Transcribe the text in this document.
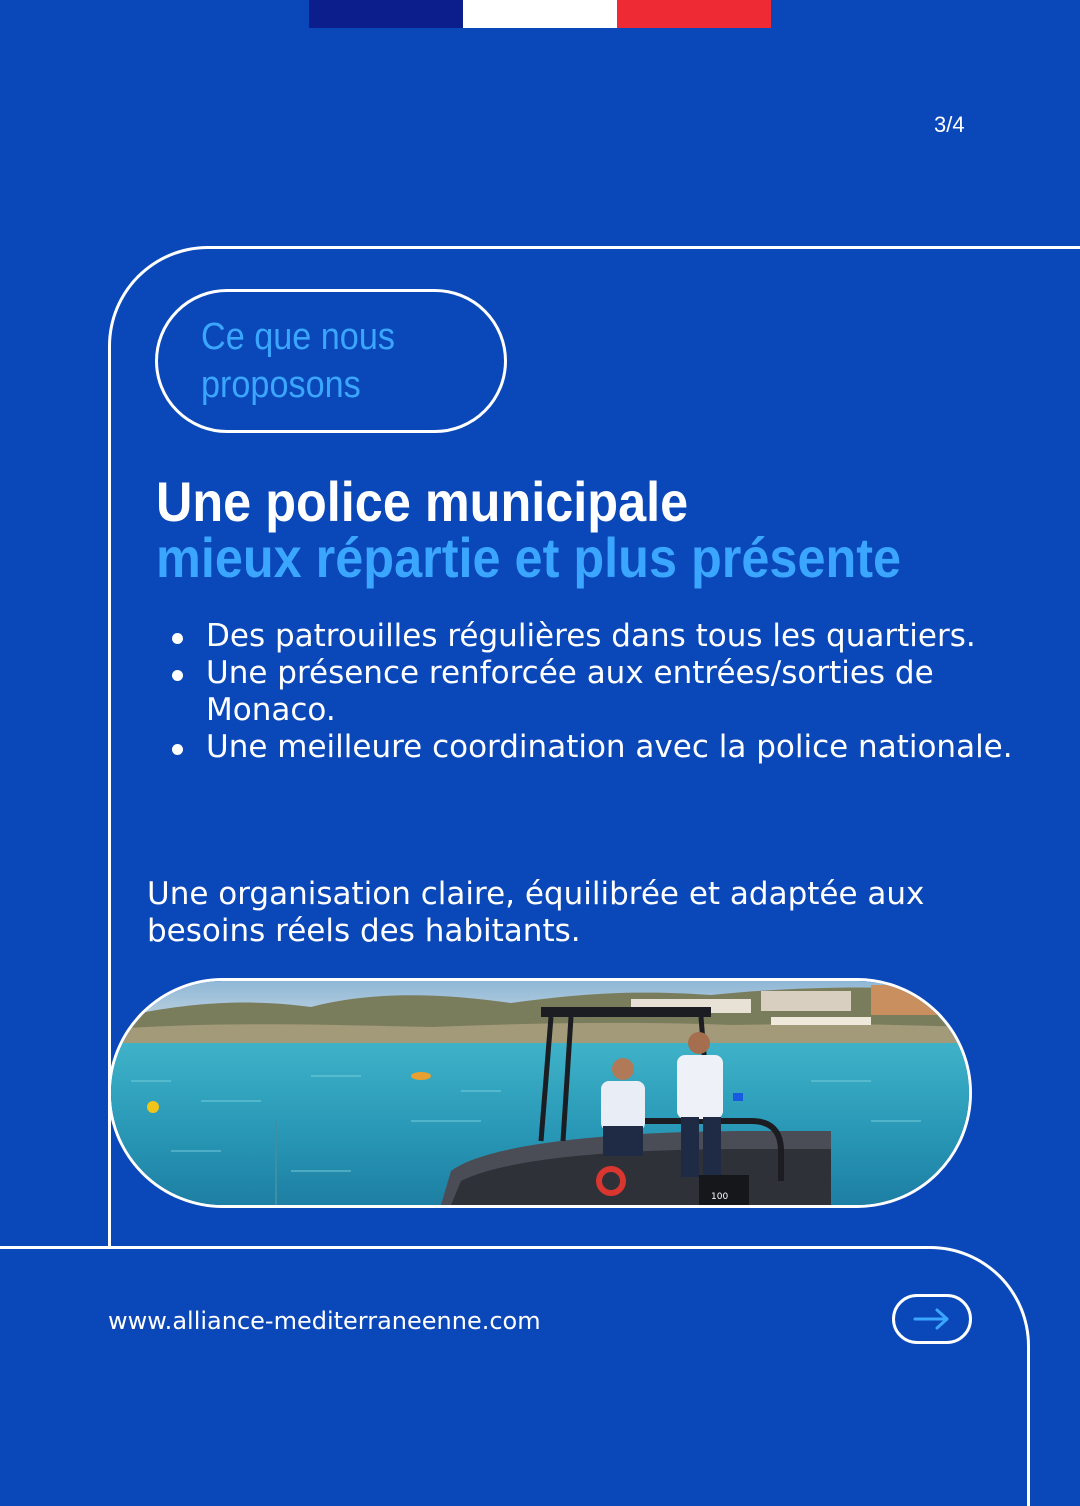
3/4
Ce que nous proposons
Une police municipale
mieux répartie et plus présente
Des patrouilles régulières dans tous les quartiers.
Une présence renforcée aux entrées/sorties de Monaco.
Une meilleure coordination avec la police nationale.
Une organisation claire, équilibrée et adaptée aux besoins réels des habitants.
100
www.alliance-mediterraneenne.com
